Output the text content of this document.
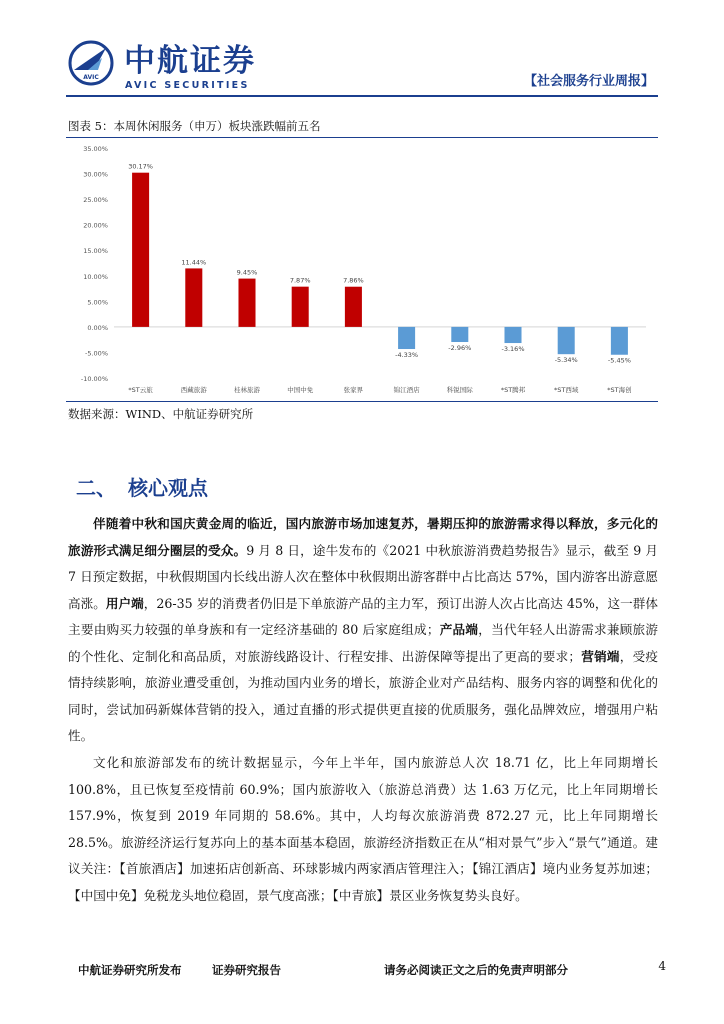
AVIC 中航证券
AVIC SECURITIES	【社会服务行业周报】
图表 5：本周休闲服务（申万）板块涨跌幅前五名
-10.00%
-5.00%
0.00%
5.00%
10.00%
15.00%
20.00%
25.00%
30.00%
35.00%
30.17%
*ST云旅
11.44%
西藏旅游
9.45%
桂林旅游
7.87%
中国中免
7.86%
张家界
-4.33%
锦江酒店
-2.96%
科锐国际
-3.16%
*ST腾邦
-5.34%
*ST西域
-5.45%
*ST海创
数据来源：WIND、中航证券研究所
二、 核心观点

伴随着中秋和国庆黄金周的临近，国内旅游市场加速复苏，暑期压抑的旅游需求得以释放，多元化的旅游形式满足细分圈层的受众。9 月 8 日，途牛发布的《2021 中秋旅游消费趋势报告》显示，截至 9 月 7 日预定数据，中秋假期国内长线出游人次在整体中秋假期出游客群中占比高达 57%，国内游客出游意愿高涨。用户端，26-35 岁的消费者仍旧是下单旅游产品的主力军，预订出游人次占比高达 45%，这一群体主要由购买力较强的单身族和有一定经济基础的 80 后家庭组成；产品端，当代年轻人出游需求兼顾旅游的个性化、定制化和高品质，对旅游线路设计、行程安排、出游保障等提出了更高的要求；营销端，受疫情持续影响，旅游业遭受重创，为推动国内业务的增长，旅游企业对产品结构、服务内容的调整和优化的同时，尝试加码新媒体营销的投入，通过直播的形式提供更直接的优质服务，强化品牌效应，增强用户粘性。

文化和旅游部发布的统计数据显示，今年上半年，国内旅游总人次 18.71 亿，比上年同期增长 100.8%，且已恢复至疫情前 60.9%；国内旅游收入（旅游总消费）达 1.63 万亿元，比上年同期增长 157.9%，恢复到 2019 年同期的 58.6%。其中，人均每次旅游消费 872.27 元，比上年同期增长 28.5%。旅游经济运行复苏向上的基本面基本稳固，旅游经济指数正在从“相对景气”步入“景气”通道。建议关注：【首旅酒店】加速拓店创新高、环球影城内两家酒店管理注入；【锦江酒店】境内业务复苏加速；【中国中免】免税龙头地位稳固，景气度高涨；【中青旅】景区业务恢复势头良好。

中航证券研究所发布	证券研究报告	请务必阅读正文之后的免责声明部分	4
